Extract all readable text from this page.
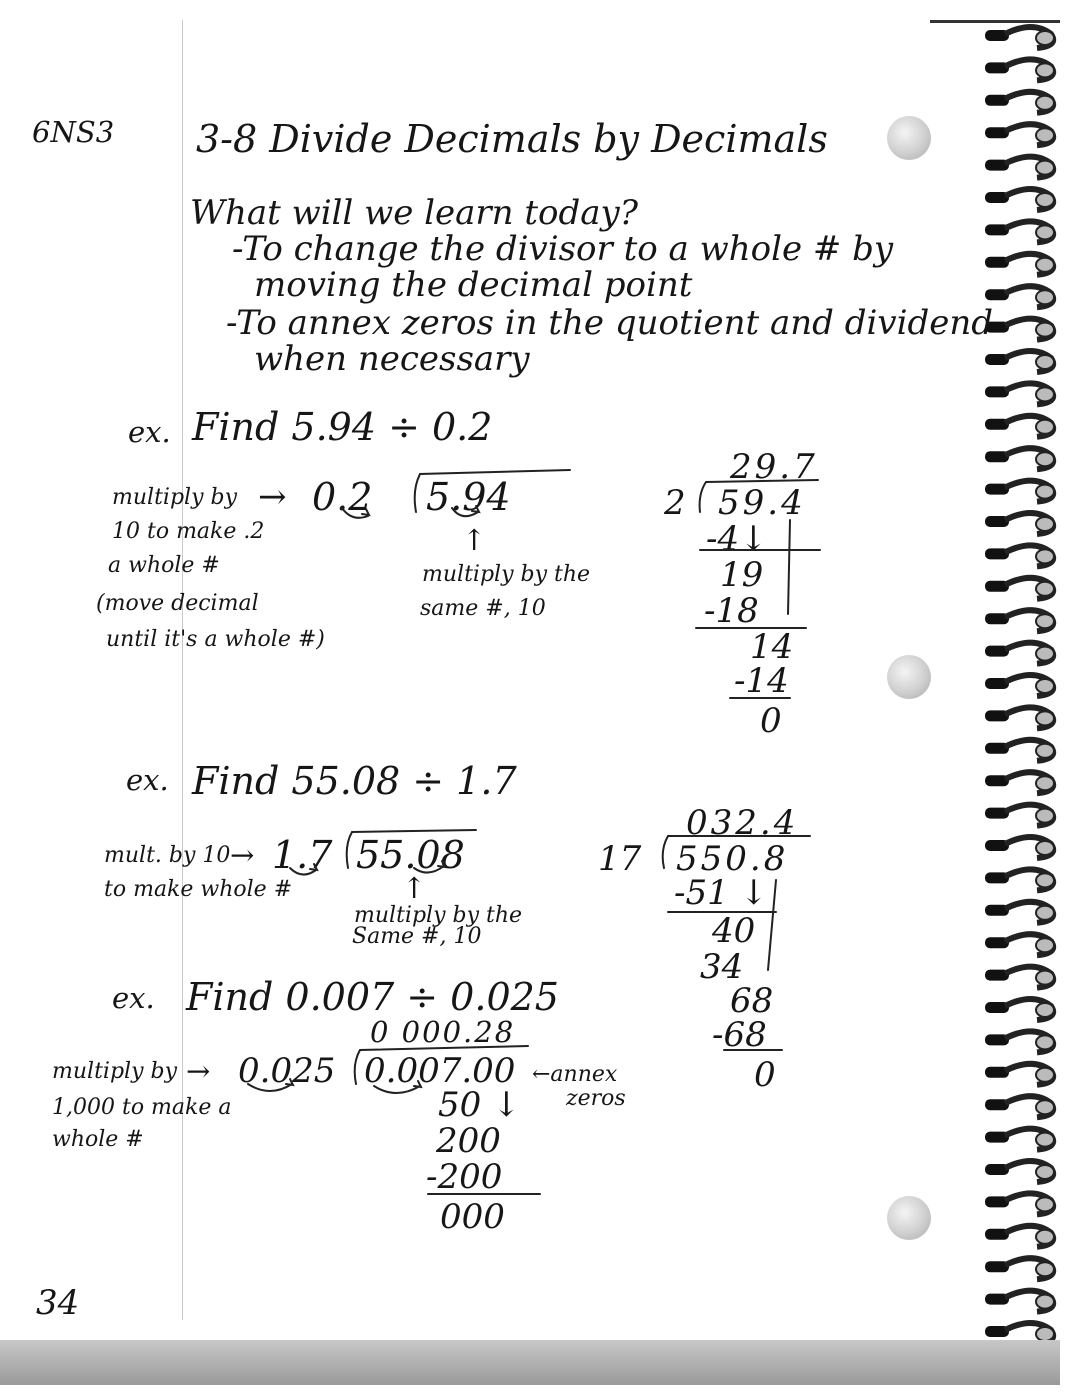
6NS3 3-8 Divide Decimals by Decimals
What will we learn today?
-To change the divisor to a whole # by
moving the decimal point
-To annex zeros in the quotient and dividend
when necessary
ex. Find 5.94 ÷ 0.2
multiply by
10 to make .2
a whole #
(move decimal
until it's a whole #)
→ 0.2 5.94
↑
multiply by the
same #, 10
29.7
2 59.4
-4↓
19
-18
14
-14
0
ex. Find 55.08 ÷ 1.7
mult. by 10
to make whole #
→ 1.7 55.08
↑
multiply by the
Same #, 10
032.4
17 550.8
-51 ↓
40
34
68
-68
0
ex. Find 0.007 ÷ 0.025
0 000.28
multiply by
1,000 to make a
whole #
→ 0.025 0.007.00 ←annex
zeros
50 ↓
200
-200
000
34
